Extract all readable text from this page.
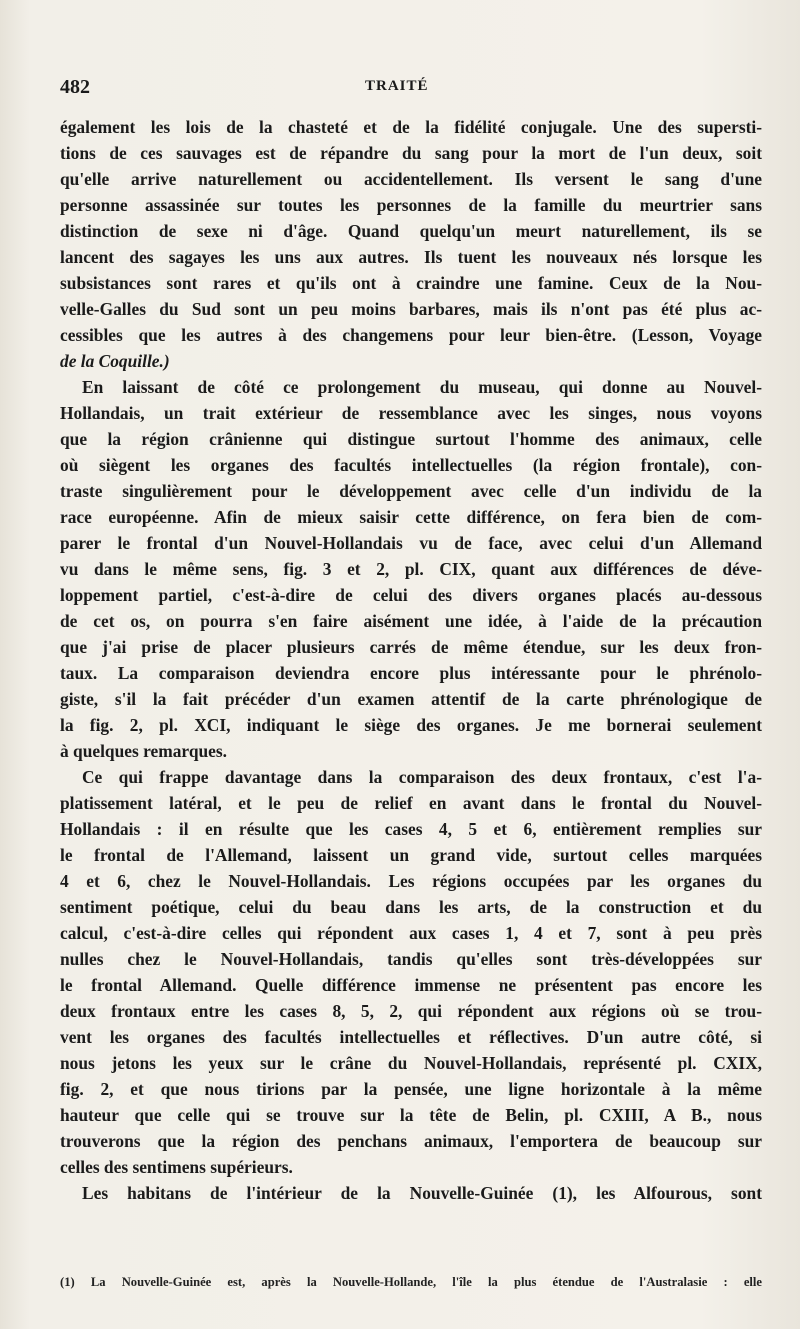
482	TRAITÉ
également les lois de la chasteté et de la fidélité conjugale. Une des supersti-
tions de ces sauvages est de répandre du sang pour la mort de l'un deux, soit
qu'elle arrive naturellement ou accidentellement. Ils versent le sang d'une
personne assassinée sur toutes les personnes de la famille du meurtrier sans
distinction de sexe ni d'âge. Quand quelqu'un meurt naturellement, ils se
lancent des sagayes les uns aux autres. Ils tuent les nouveaux nés lorsque les
subsistances sont rares et qu'ils ont à craindre une famine. Ceux de la Nou-
velle-Galles du Sud sont un peu moins barbares, mais ils n'ont pas été plus ac-
cessibles que les autres à des changemens pour leur bien-être. (Lesson, Voyage
de la Coquille.)
En laissant de côté ce prolongement du museau, qui donne au Nouvel-
Hollandais, un trait extérieur de ressemblance avec les singes, nous voyons
que la région crânienne qui distingue surtout l'homme des animaux, celle
où siègent les organes des facultés intellectuelles (la région frontale), con-
traste singulièrement pour le développement avec celle d'un individu de la
race européenne. Afin de mieux saisir cette différence, on fera bien de com-
parer le frontal d'un Nouvel-Hollandais vu de face, avec celui d'un Allemand
vu dans le même sens, fig. 3 et 2, pl. CIX, quant aux différences de déve-
loppement partiel, c'est-à-dire de celui des divers organes placés au-dessous
de cet os, on pourra s'en faire aisément une idée, à l'aide de la précaution
que j'ai prise de placer plusieurs carrés de même étendue, sur les deux fron-
taux. La comparaison deviendra encore plus intéressante pour le phrénolo-
giste, s'il la fait précéder d'un examen attentif de la carte phrénologique de
la fig. 2, pl. XCI, indiquant le siège des organes. Je me bornerai seulement
à quelques remarques.
Ce qui frappe davantage dans la comparaison des deux frontaux, c'est l'a-
platissement latéral, et le peu de relief en avant dans le frontal du Nouvel-
Hollandais : il en résulte que les cases 4, 5 et 6, entièrement remplies sur
le frontal de l'Allemand, laissent un grand vide, surtout celles marquées
4 et 6, chez le Nouvel-Hollandais. Les régions occupées par les organes du
sentiment poétique, celui du beau dans les arts, de la construction et du
calcul, c'est-à-dire celles qui répondent aux cases 1, 4 et 7, sont à peu près
nulles chez le Nouvel-Hollandais, tandis qu'elles sont très-développées sur
le frontal Allemand. Quelle différence immense ne présentent pas encore les
deux frontaux entre les cases 8, 5, 2, qui répondent aux régions où se trou-
vent les organes des facultés intellectuelles et réflectives. D'un autre côté, si
nous jetons les yeux sur le crâne du Nouvel-Hollandais, représenté pl. CXIX,
fig. 2, et que nous tirions par la pensée, une ligne horizontale à la même
hauteur que celle qui se trouve sur la tête de Belin, pl. CXIII, A B., nous
trouverons que la région des penchans animaux, l'emportera de beaucoup sur
celles des sentimens supérieurs.
Les habitans de l'intérieur de la Nouvelle-Guinée (1), les Alfourous, sont
(1) La Nouvelle-Guinée est, après la Nouvelle-Hollande, l'île la plus étendue de l'Australasie : elle
